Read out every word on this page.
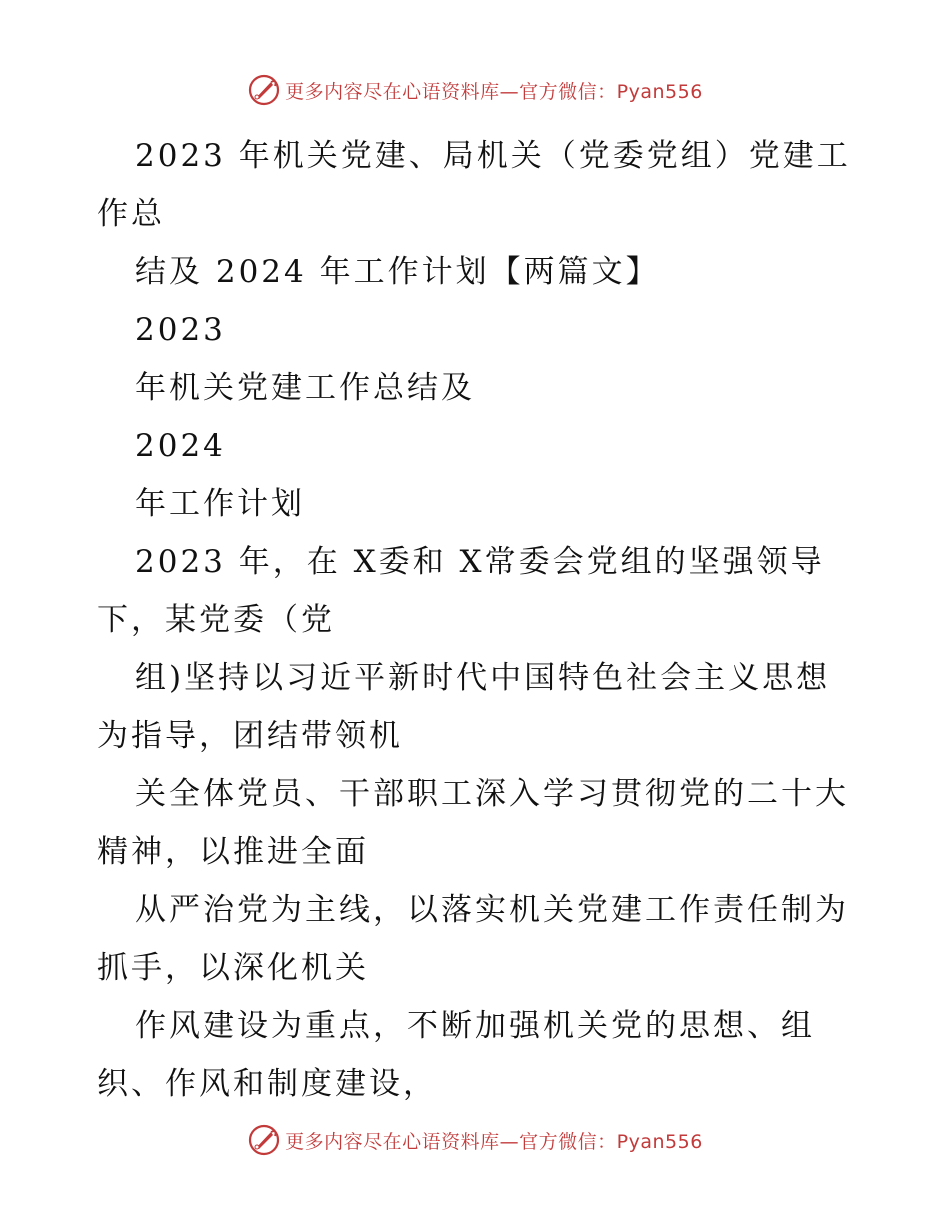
更多内容尽在心语资料库—官方微信：Pyan556
2023 年机关党建、局机关（党委党组）党建工
作总
结及 2024 年工作计划【两篇文】
2023
年机关党建工作总结及
2024
年工作计划
2023 年，在 X委和 X常委会党组的坚强领导
下，某党委（党
组)坚持以习近平新时代中国特色社会主义思想
为指导，团结带领机
关全体党员、干部职工深入学习贯彻党的二十大
精神，以推进全面
从严治党为主线，以落实机关党建工作责任制为
抓手，以深化机关
作风建设为重点，不断加强机关党的思想、组
织、作风和制度建设，
更多内容尽在心语资料库—官方微信：Pyan556
